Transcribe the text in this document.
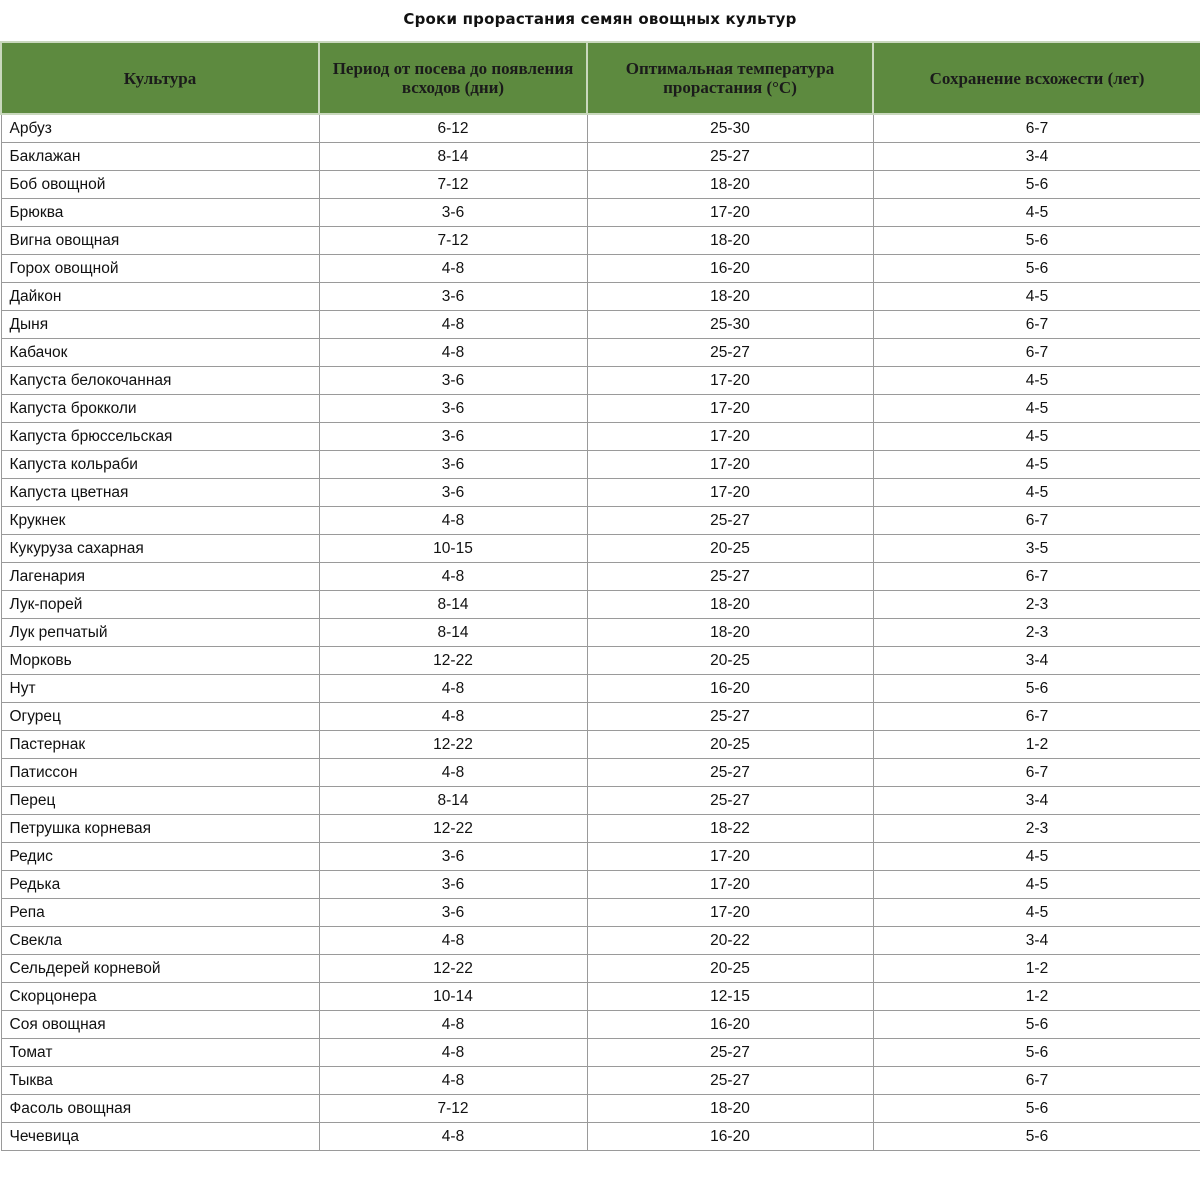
Сроки прорастания семян овощных культур
Культура	Период от посева до появления всходов (дни)	Оптимальная температура прорастания (°С)	Сохранение всхожести (лет)
Арбуз	6-12	25-30	6-7
Баклажан	8-14	25-27	3-4
Боб овощной	7-12	18-20	5-6
Брюква	3-6	17-20	4-5
Вигна овощная	7-12	18-20	5-6
Горох овощной	4-8	16-20	5-6
Дайкон	3-6	18-20	4-5
Дыня	4-8	25-30	6-7
Кабачок	4-8	25-27	6-7
Капуста белокочанная	3-6	17-20	4-5
Капуста брокколи	3-6	17-20	4-5
Капуста брюссельская	3-6	17-20	4-5
Капуста кольраби	3-6	17-20	4-5
Капуста цветная	3-6	17-20	4-5
Крукнек	4-8	25-27	6-7
Кукуруза сахарная	10-15	20-25	3-5
Лагенария	4-8	25-27	6-7
Лук-порей	8-14	18-20	2-3
Лук репчатый	8-14	18-20	2-3
Морковь	12-22	20-25	3-4
Нут	4-8	16-20	5-6
Огурец	4-8	25-27	6-7
Пастернак	12-22	20-25	1-2
Патиссон	4-8	25-27	6-7
Перец	8-14	25-27	3-4
Петрушка корневая	12-22	18-22	2-3
Редис	3-6	17-20	4-5
Редька	3-6	17-20	4-5
Репа	3-6	17-20	4-5
Свекла	4-8	20-22	3-4
Сельдерей корневой	12-22	20-25	1-2
Скорцонера	10-14	12-15	1-2
Соя овощная	4-8	16-20	5-6
Томат	4-8	25-27	5-6
Тыква	4-8	25-27	6-7
Фасоль овощная	7-12	18-20	5-6
Чечевица	4-8	16-20	5-6
